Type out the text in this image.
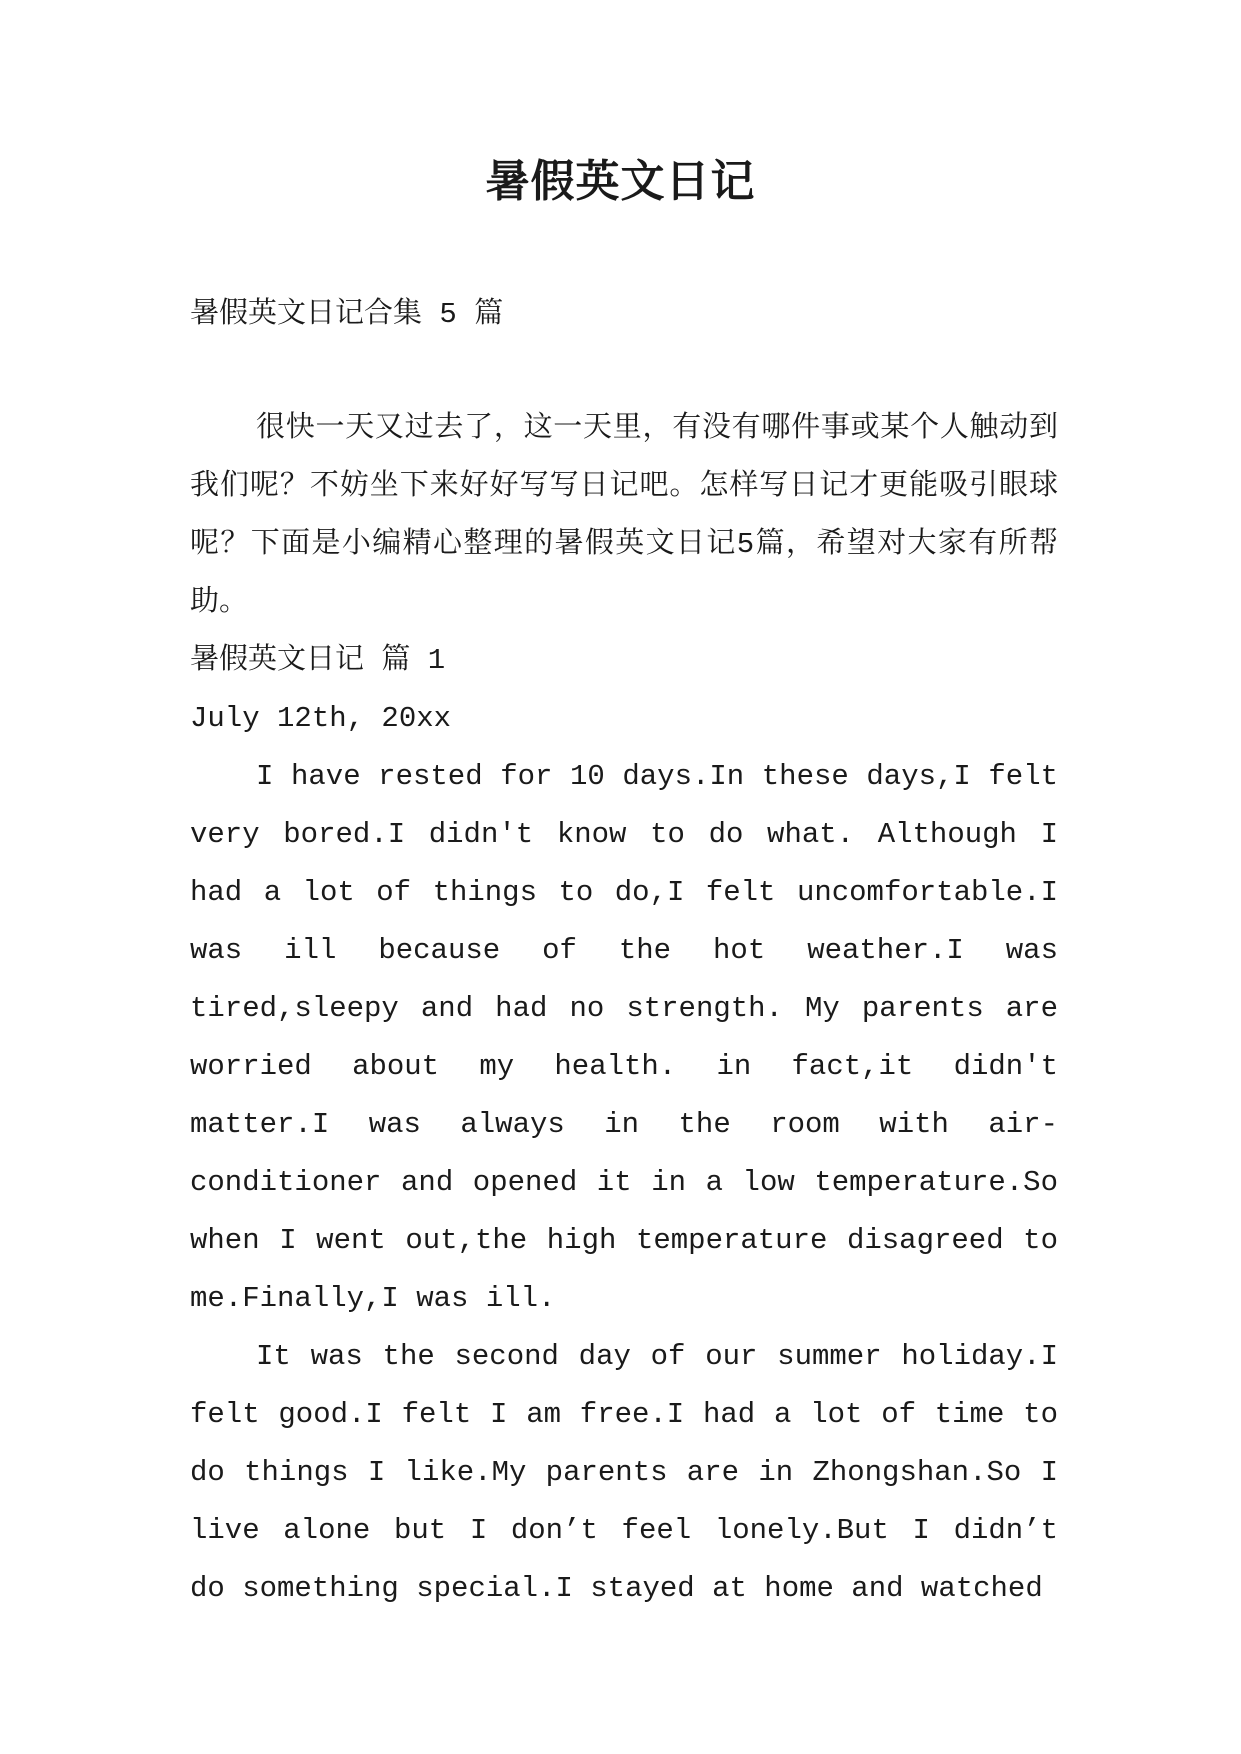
暑假英文日记

暑假英文日记合集 5 篇

很快一天又过去了，这一天里，有没有哪件事或某个人触动到我们呢？不妨坐下来好好写写日记吧。怎样写日记才更能吸引眼球呢？下面是小编精心整理的暑假英文日记5篇，希望对大家有所帮助。

暑假英文日记 篇 1

July 12th, 20xx

I have rested for 10 days.In these days,I felt very bored.I didn't know to do what. Although I had a lot of things to do,I felt uncomfortable.I was ill because of the hot weather.I was tired,sleepy and had no strength. My parents are worried about my health. in fact,it didn't matter.I was always in the room with air-conditioner and opened it in a low temperature.So when I went out,the high temperature disagreed to me.Finally,I was ill.

It was the second day of our summer holiday.I felt good.I felt I am free.I had a lot of time to do things I like.My parents are in Zhongshan.So I live alone but I don’t feel lonely.But I didn’t do something special.I stayed at home and watched
